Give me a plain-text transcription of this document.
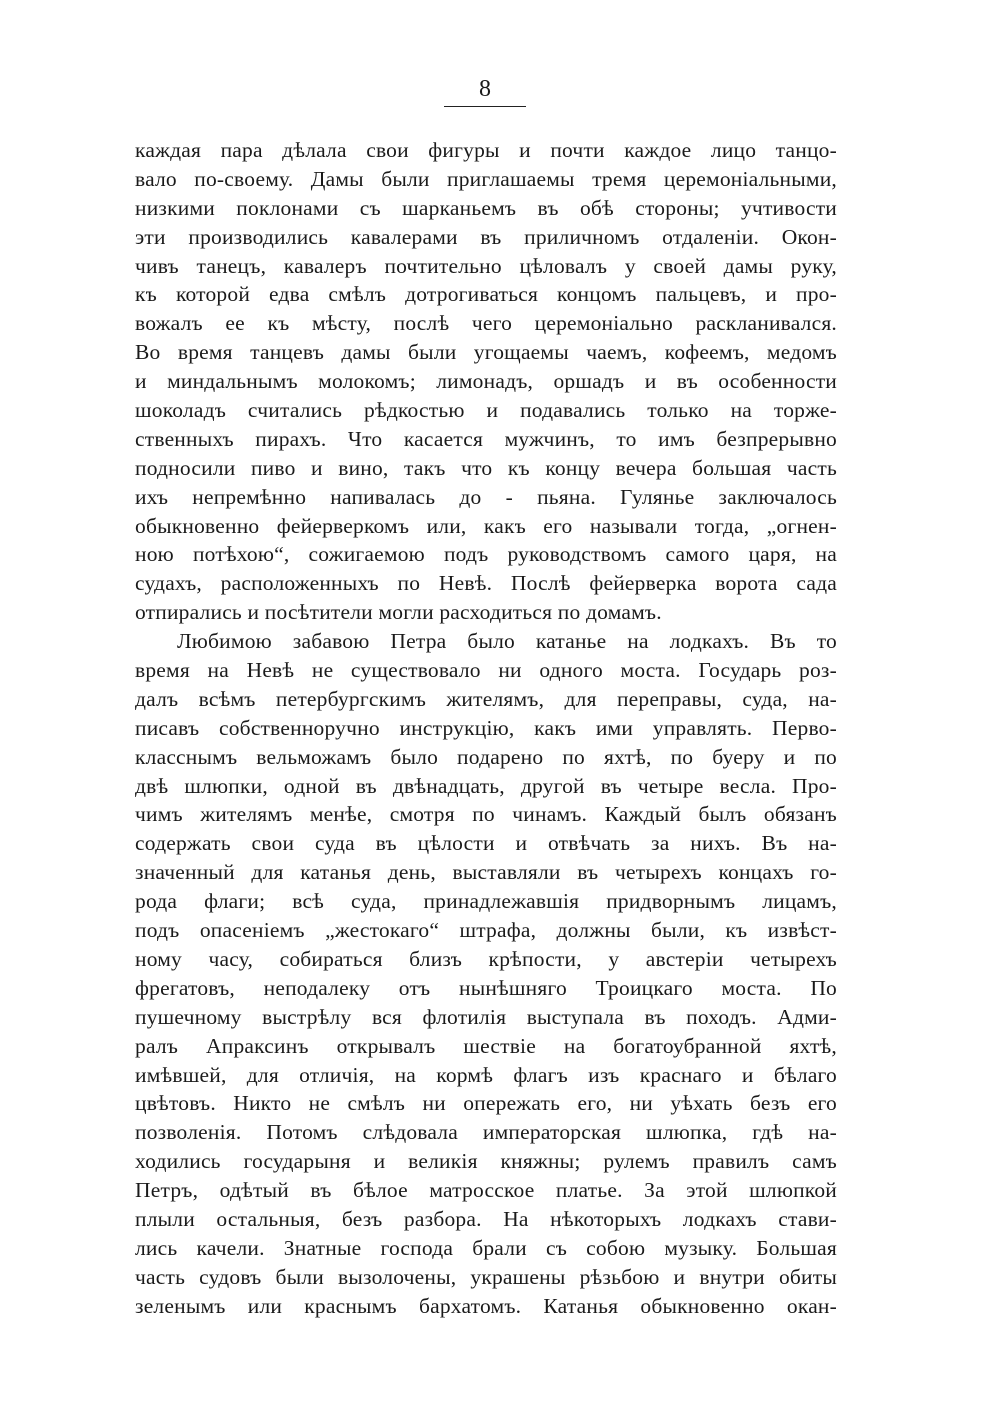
8
каждая пара дѣлала свои фигуры и почти каждое лицо танцо-
вало по-своему. Дамы были приглашаемы тремя церемоніальными,
низкими поклонами съ шарканьемъ въ обѣ стороны; учтивости
эти производились кавалерами въ приличномъ отдаленіи. Окон-
чивъ танецъ, кавалеръ почтительно цѣловалъ у своей дамы руку,
къ которой едва смѣлъ дотрогиваться концомъ пальцевъ, и про-
вожалъ ее къ мѣсту, послѣ чего церемоніально раскланивался.
Во время танцевъ дамы были угощаемы чаемъ, кофеемъ, медомъ
и миндальнымъ молокомъ; лимонадъ, оршадъ и въ особенности
шоколадъ считались рѣдкостью и подавались только на торже-
ственныхъ пирахъ. Что касается мужчинъ, то имъ безпрерывно
подносили пиво и вино, такъ что къ концу вечера большая часть
ихъ непремѣнно напивалась до - пьяна. Гулянье заключалось
обыкновенно фейерверкомъ или, какъ его называли тогда, „огнен-
ною потѣхою“, сожигаемою подъ руководствомъ самого царя, на
судахъ, расположенныхъ по Невѣ. Послѣ фейерверка ворота сада
отпирались и посѣтители могли расходиться по домамъ.
Любимою забавою Петра было катанье на лодкахъ. Въ то
время на Невѣ не существовало ни одного моста. Государь роз-
далъ всѣмъ петербургскимъ жителямъ, для переправы, суда, на-
писавъ собственноручно инструкцію, какъ ими управлять. Перво-
класснымъ вельможамъ было подарено по яхтѣ, по буеру и по
двѣ шлюпки, одной въ двѣнадцать, другой въ четыре весла. Про-
чимъ жителямъ менѣе, смотря по чинамъ. Каждый былъ обязанъ
содержать свои суда въ цѣлости и отвѣчать за нихъ. Въ на-
значенный для катанья день, выставляли въ четырехъ концахъ го-
рода флаги; всѣ суда, принадлежавшія придворнымъ лицамъ,
подъ опасеніемъ „жестокаго“ штрафа, должны были, къ извѣст-
ному часу, собираться близъ крѣпости, у австеріи четырехъ
фрегатовъ, неподалеку отъ нынѣшняго Троицкаго моста. По
пушечному выстрѣлу вся флотилія выступала въ походъ. Адми-
ралъ Апраксинъ открывалъ шествіе на богатоубранной яхтѣ,
имѣвшей, для отличія, на кормѣ флагъ изъ краснаго и бѣлаго
цвѣтовъ. Никто не смѣлъ ни опережать его, ни уѣхать безъ его
позволенія. Потомъ слѣдовала императорская шлюпка, гдѣ на-
ходились государыня и великія княжны; рулемъ правилъ самъ
Петръ, одѣтый въ бѣлое матросское платье. За этой шлюпкой
плыли остальныя, безъ разбора. На нѣкоторыхъ лодкахъ стави-
лись качели. Знатные господа брали съ собою музыку. Большая
часть судовъ были вызолочены, украшены рѣзьбою и внутри обиты
зеленымъ или краснымъ бархатомъ. Катанья обыкновенно окан-
